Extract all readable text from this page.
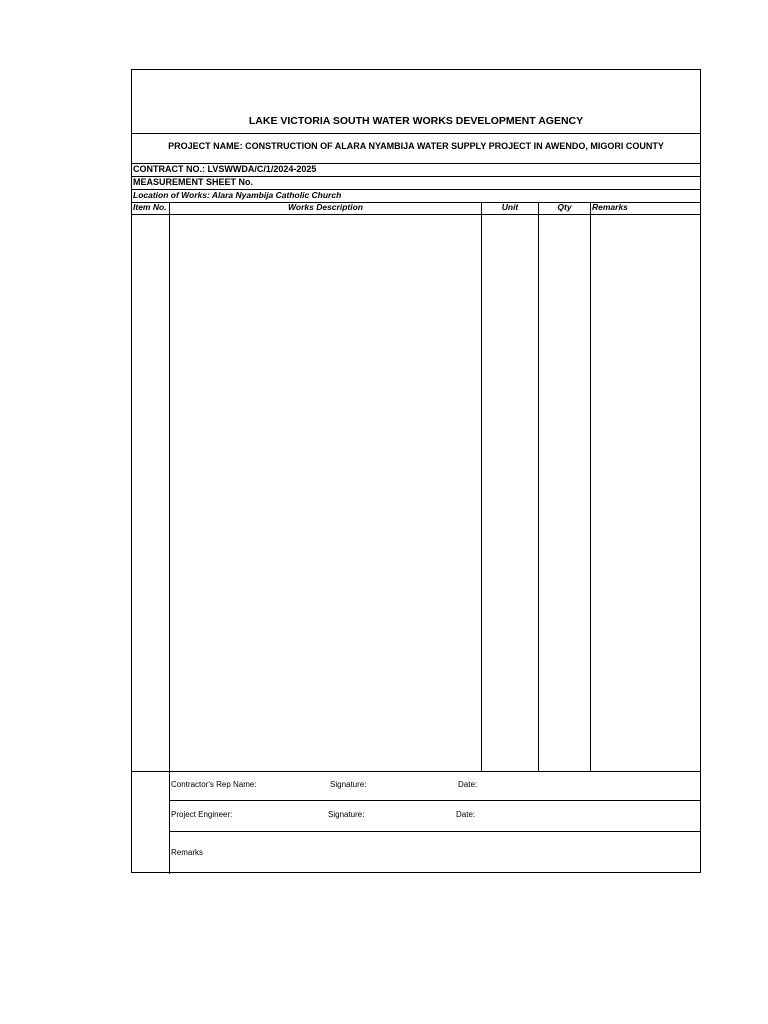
LAKE VICTORIA SOUTH WATER WORKS DEVELOPMENT AGENCY
PROJECT NAME: CONSTRUCTION OF ALARA NYAMBIJA WATER SUPPLY PROJECT IN AWENDO, MIGORI COUNTY
CONTRACT NO.: LVSWWDA/C/1/2024-2025
MEASUREMENT SHEET No.
Location of Works: Alara Nyambija Catholic Church
Item No.	Works Description	Unit	Qty	Remarks
Contractor's Rep Name:	Signature:	Date:
Project Engineer:	Signature:	Date:
Remarks
